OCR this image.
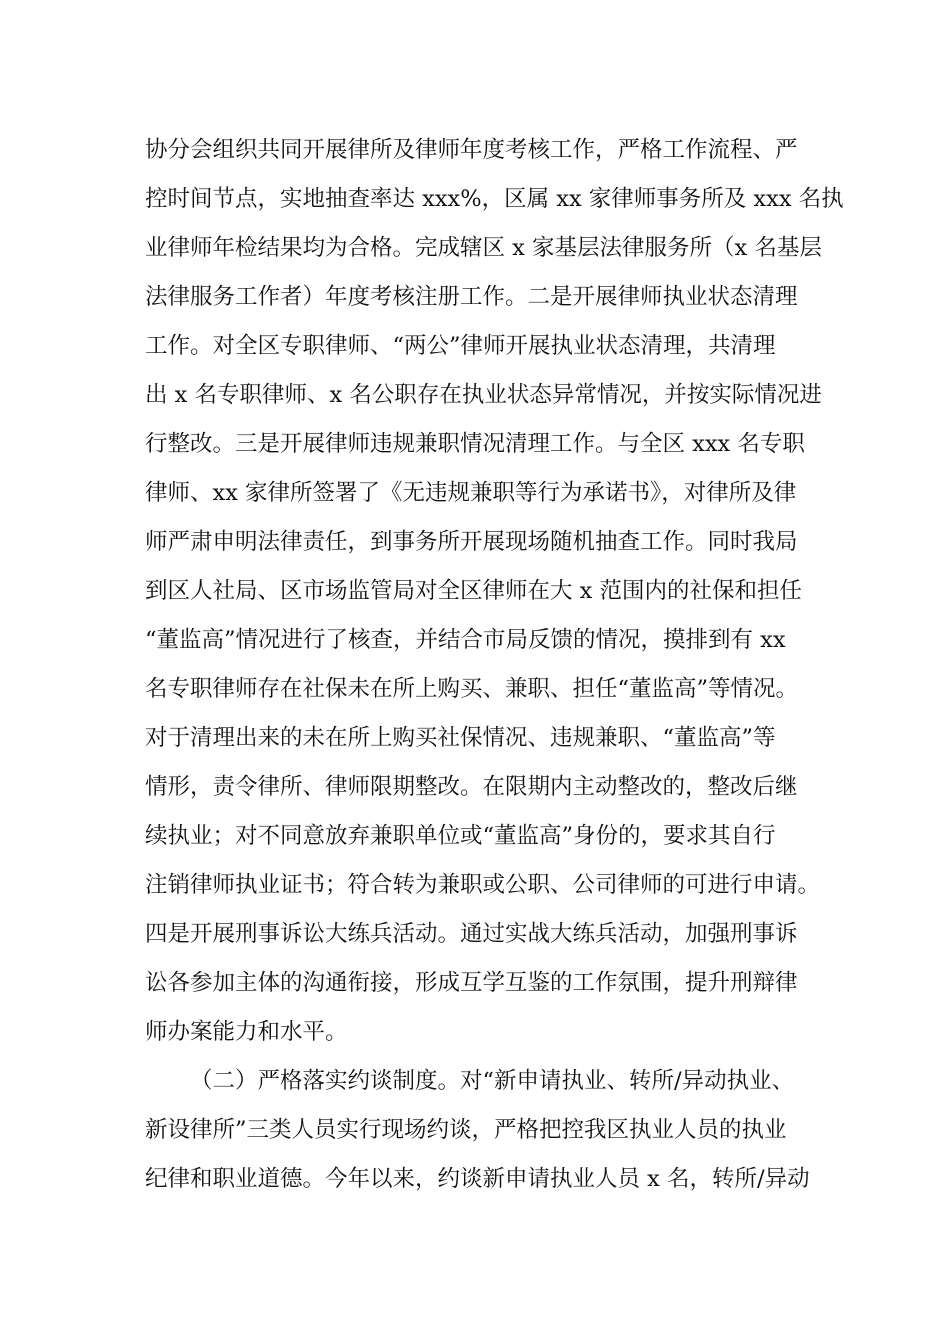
协分会组织共同开展律所及律师年度考核工作，严格工作流程、严
控时间节点，实地抽查率达 xxx%，区属 xx 家律师事务所及 xxx 名执
业律师年检结果均为合格。完成辖区 x 家基层法律服务所（x 名基层
法律服务工作者）年度考核注册工作。二是开展律师执业状态清理
工作。对全区专职律师、“两公”律师开展执业状态清理，共清理
出 x 名专职律师、x 名公职存在执业状态异常情况，并按实际情况进
行整改。三是开展律师违规兼职情况清理工作。与全区 xxx 名专职
律师、xx 家律所签署了《无违规兼职等行为承诺书》，对律所及律
师严肃申明法律责任，到事务所开展现场随机抽查工作。同时我局
到区人社局、区市场监管局对全区律师在大 x 范围内的社保和担任
“董监高”情况进行了核查，并结合市局反馈的情况，摸排到有 xx
名专职律师存在社保未在所上购买、兼职、担任“董监高”等情况。
对于清理出来的未在所上购买社保情况、违规兼职、“董监高”等
情形，责令律所、律师限期整改。在限期内主动整改的，整改后继
续执业；对不同意放弃兼职单位或“董监高”身份的，要求其自行
注销律师执业证书；符合转为兼职或公职、公司律师的可进行申请。
四是开展刑事诉讼大练兵活动。通过实战大练兵活动，加强刑事诉
讼各参加主体的沟通衔接，形成互学互鉴的工作氛围，提升刑辩律
师办案能力和水平。
（二）严格落实约谈制度。对“新申请执业、转所/异动执业、
新设律所”三类人员实行现场约谈，严格把控我区执业人员的执业
纪律和职业道德。今年以来，约谈新申请执业人员 x 名，转所/异动
